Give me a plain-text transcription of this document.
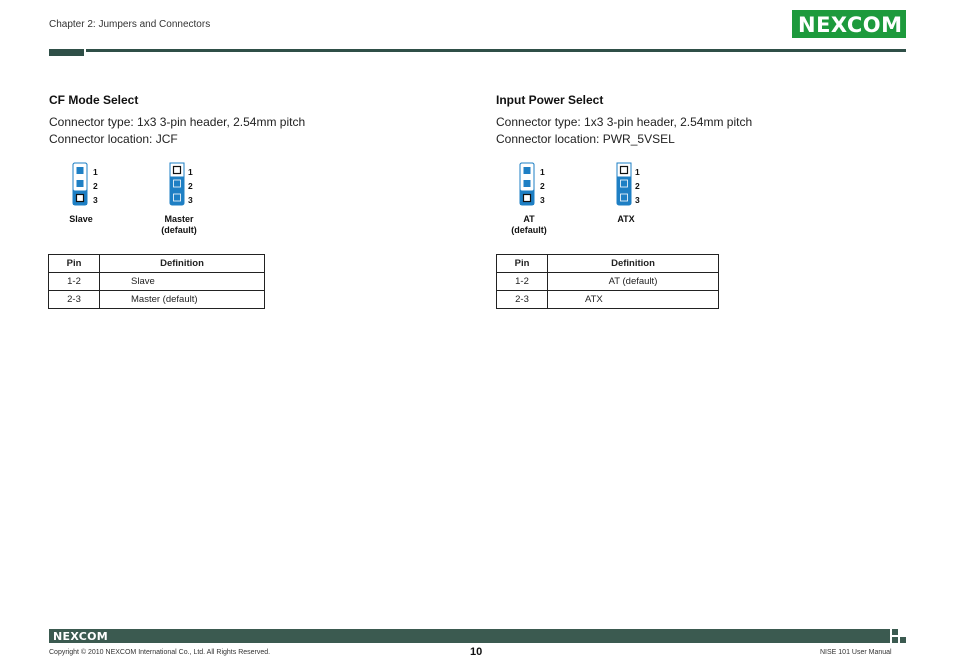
Chapter 2: Jumpers and Connectors	NEXCOM
CF Mode Select
Connector type: 1x3 3-pin header, 2.54mm pitch
Connector location: JCF
1
2
3
Slave
1
2
3
Master
(default)
Pin	Definition
1-2	Slave
2-3	Master (default)
Input Power Select
Connector type: 1x3 3-pin header, 2.54mm pitch
Connector location: PWR_5VSEL
1
2
3
AT
(default)
1
2
3
ATX
Pin	Definition
1-2	AT (default)
2-3	ATX
NEXCOM
Copyright © 2010 NEXCOM International Co., Ltd. All Rights Reserved.	10	NISE 101 User Manual
